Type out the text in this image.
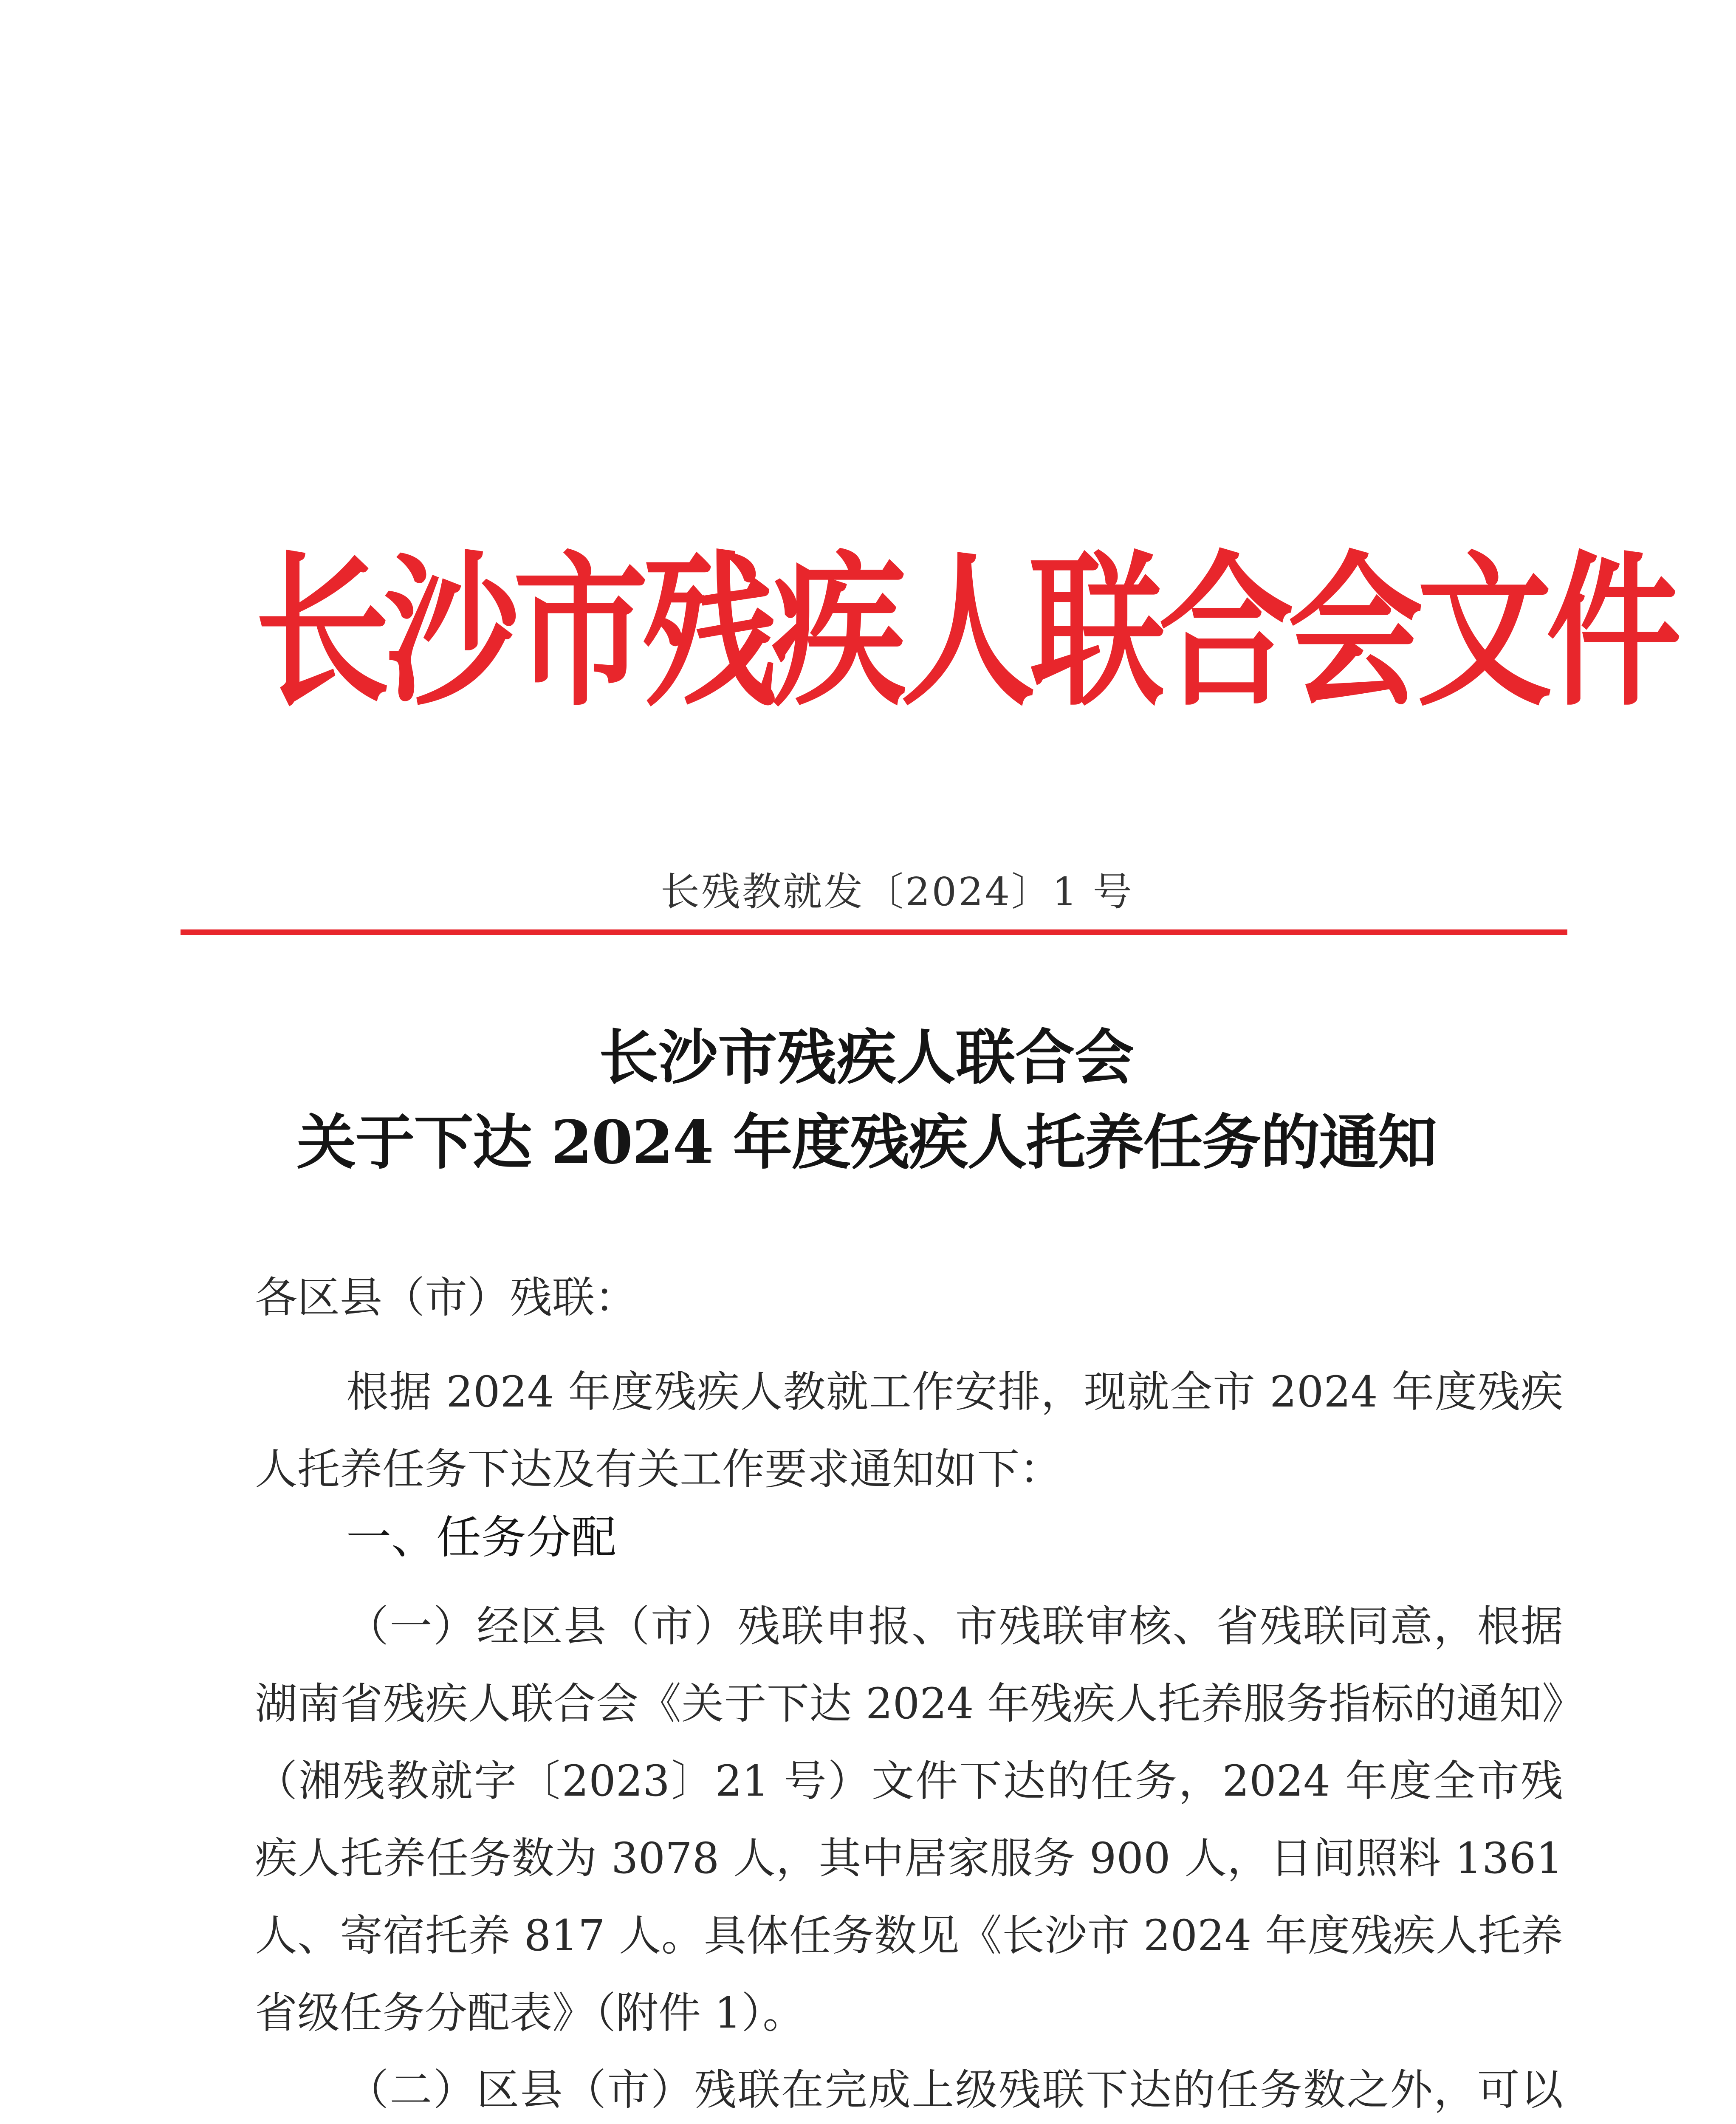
长沙市残疾人联合会文件
长残教就发〔2024〕1 号
长沙市残疾人联合会
关于下达 2024 年度残疾人托养任务的通知
各区县（市）残联：

根据 2024 年度残疾人教就工作安排，现就全市 2024 年度残疾人托养任务下达及有关工作要求通知如下：

一、任务分配

（一）经区县（市）残联申报、市残联审核、省残联同意，根据湖南省残疾人联合会《关于下达 2024 年残疾人托养服务指标的通知》（湘残教就字〔2023〕21 号）文件下达的任务，2024 年度全市残疾人托养任务数为 3078 人，其中居家服务 900 人，日间照料 1361 人、寄宿托养 817 人。具体任务数见《长沙市 2024 年度残疾人托养省级任务分配表》（附件 1）。

（二）区县（市）残联在完成上级残联下达的任务数之外，可以
